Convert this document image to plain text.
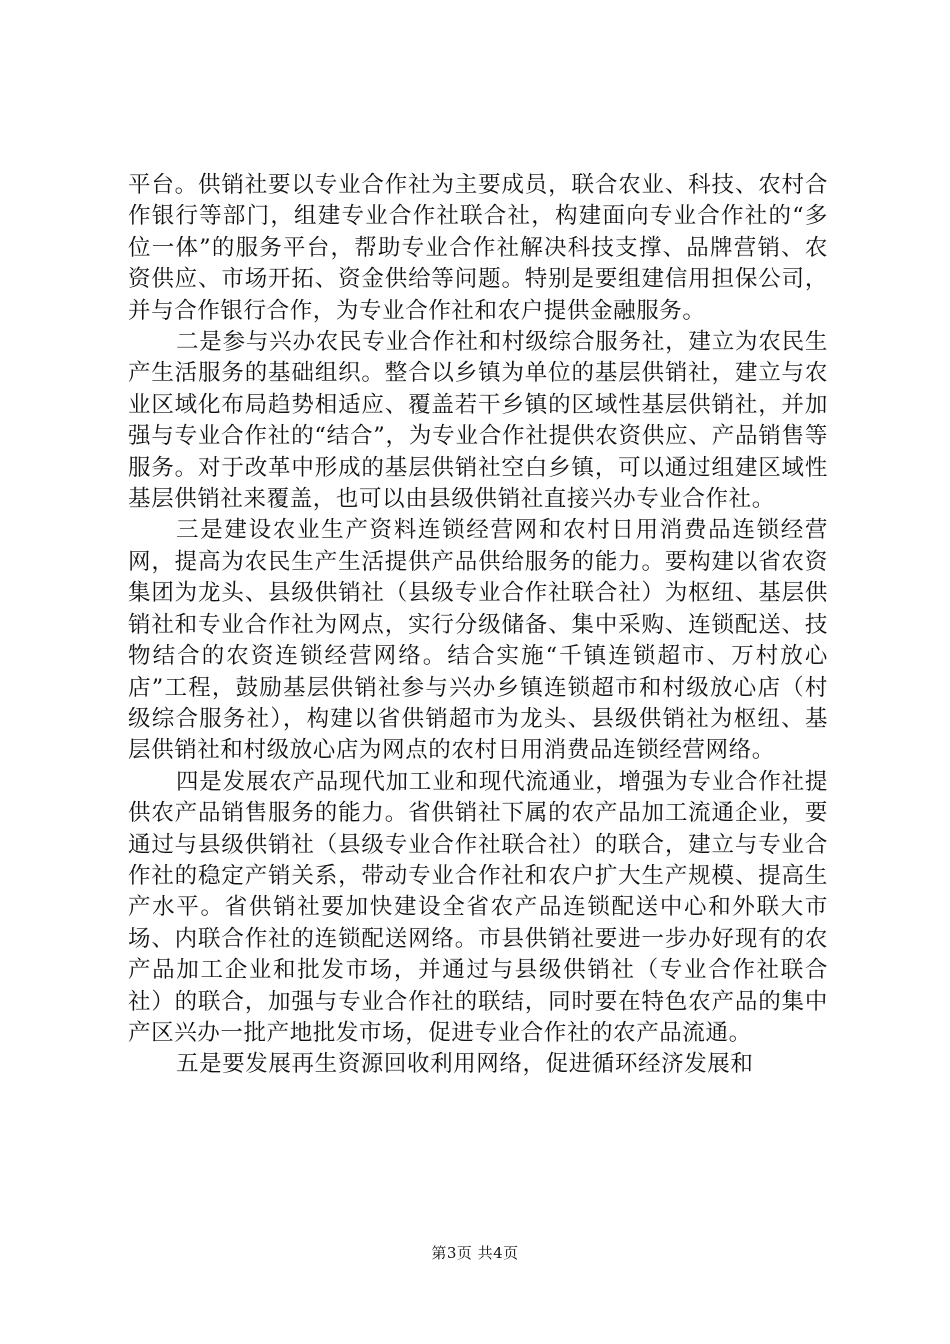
平台。供销社要以专业合作社为主要成员，联合农业、科技、农村合作银行等部门，组建专业合作社联合社，构建面向专业合作社的“多位一体”的服务平台，帮助专业合作社解决科技支撑、品牌营销、农资供应、市场开拓、资金供给等问题。特别是要组建信用担保公司，并与合作银行合作，为专业合作社和农户提供金融服务。

二是参与兴办农民专业合作社和村级综合服务社，建立为农民生产生活服务的基础组织。整合以乡镇为单位的基层供销社，建立与农业区域化布局趋势相适应、覆盖若干乡镇的区域性基层供销社，并加强与专业合作社的“结合”，为专业合作社提供农资供应、产品销售等服务。对于改革中形成的基层供销社空白乡镇，可以通过组建区域性基层供销社来覆盖，也可以由县级供销社直接兴办专业合作社。

三是建设农业生产资料连锁经营网和农村日用消费品连锁经营网，提高为农民生产生活提供产品供给服务的能力。要构建以省农资集团为龙头、县级供销社（县级专业合作社联合社）为枢纽、基层供销社和专业合作社为网点，实行分级储备、集中采购、连锁配送、技物结合的农资连锁经营网络。结合实施“千镇连锁超市、万村放心店”工程，鼓励基层供销社参与兴办乡镇连锁超市和村级放心店（村级综合服务社），构建以省供销超市为龙头、县级供销社为枢纽、基层供销社和村级放心店为网点的农村日用消费品连锁经营网络。

四是发展农产品现代加工业和现代流通业，增强为专业合作社提供农产品销售服务的能力。省供销社下属的农产品加工流通企业，要通过与县级供销社（县级专业合作社联合社）的联合，建立与专业合作社的稳定产销关系，带动专业合作社和农户扩大生产规模、提高生产水平。省供销社要加快建设全省农产品连锁配送中心和外联大市场、内联合作社的连锁配送网络。市县供销社要进一步办好现有的农产品加工企业和批发市场，并通过与县级供销社（专业合作社联合社）的联合，加强与专业合作社的联结，同时要在特色农产品的集中产区兴办一批产地批发市场，促进专业合作社的农产品流通。

五是要发展再生资源回收利用网络，促进循环经济发展和

第3页 共4页
